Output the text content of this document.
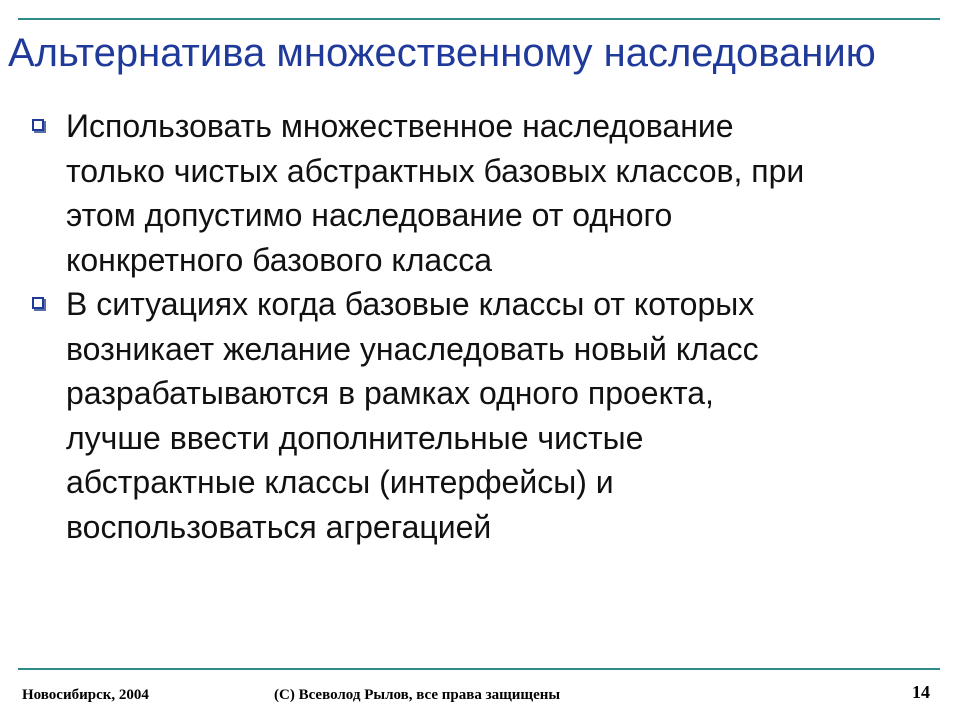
Альтернатива множественному наследованию
Использовать множественное наследование
только чистых абстрактных базовых классов, при
этом допустимо наследование от одного
конкретного базового класса
В ситуациях когда базовые классы от которых
возникает желание унаследовать новый класс
разрабатываются в рамках одного проекта,
лучше ввести дополнительные чистые
абстрактные классы (интерфейсы) и
воспользоваться агрегацией
Новосибирск, 2004	(С) Всеволод Рылов, все права защищены	14
